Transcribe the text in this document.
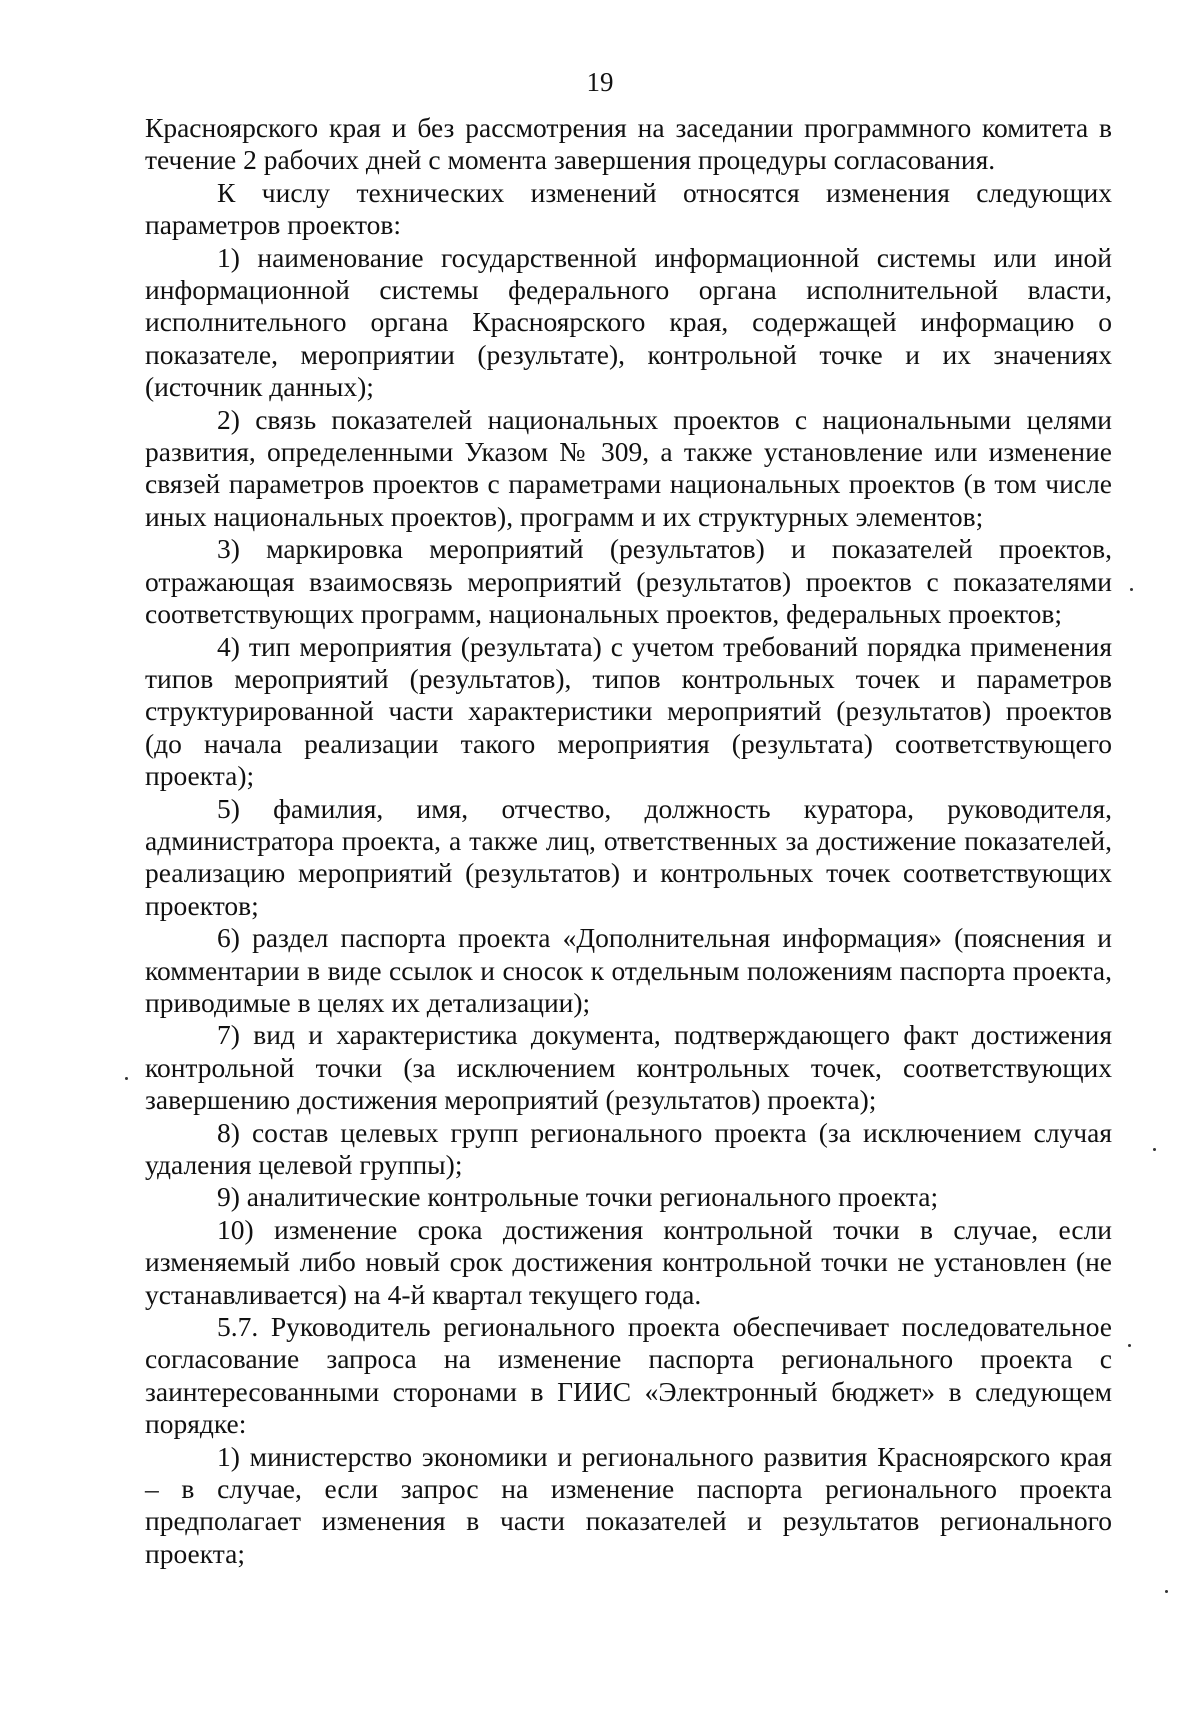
19

Красноярского края и без рассмотрения на заседании программного комитета в течение 2 рабочих дней с момента завершения процедуры согласования.

К числу технических изменений относятся изменения следующих параметров проектов:

1) наименование государственной информационной системы или иной информационной системы федерального органа исполнительной власти, исполнительного органа Красноярского края, содержащей информацию о показателе, мероприятии (результате), контрольной точке и их значениях (источник данных);

2) связь показателей национальных проектов с национальными целями развития, определенными Указом № 309, а также установление или изменение связей параметров проектов с параметрами национальных проектов (в том числе иных национальных проектов), программ и их структурных элементов;

3) маркировка мероприятий (результатов) и показателей проектов, отражающая взаимосвязь мероприятий (результатов) проектов с показателями соответствующих программ, национальных проектов, федеральных проектов;

4) тип мероприятия (результата) с учетом требований порядка применения типов мероприятий (результатов), типов контрольных точек и параметров структурированной части характеристики мероприятий (результатов) проектов (до начала реализации такого мероприятия (результата) соответствующего проекта);

5) фамилия, имя, отчество, должность куратора, руководителя, администратора проекта, а также лиц, ответственных за достижение показателей, реализацию мероприятий (результатов) и контрольных точек соответствующих проектов;

6) раздел паспорта проекта «Дополнительная информация» (пояснения и комментарии в виде ссылок и сносок к отдельным положениям паспорта проекта, приводимые в целях их детализации);

7) вид и характеристика документа, подтверждающего факт достижения контрольной точки (за исключением контрольных точек, соответствующих завершению достижения мероприятий (результатов) проекта);

8) состав целевых групп регионального проекта (за исключением случая удаления целевой группы);

9) аналитические контрольные точки регионального проекта;

10) изменение срока достижения контрольной точки в случае, если изменяемый либо новый срок достижения контрольной точки не установлен (не устанавливается) на 4-й квартал текущего года.

5.7. Руководитель регионального проекта обеспечивает последовательное согласование запроса на изменение паспорта регионального проекта с заинтересованными сторонами в ГИИС «Электронный бюджет» в следующем порядке:

1) министерство экономики и регионального развития Красноярского края – в случае, если запрос на изменение паспорта регионального проекта предполагает изменения в части показателей и результатов регионального проекта;
